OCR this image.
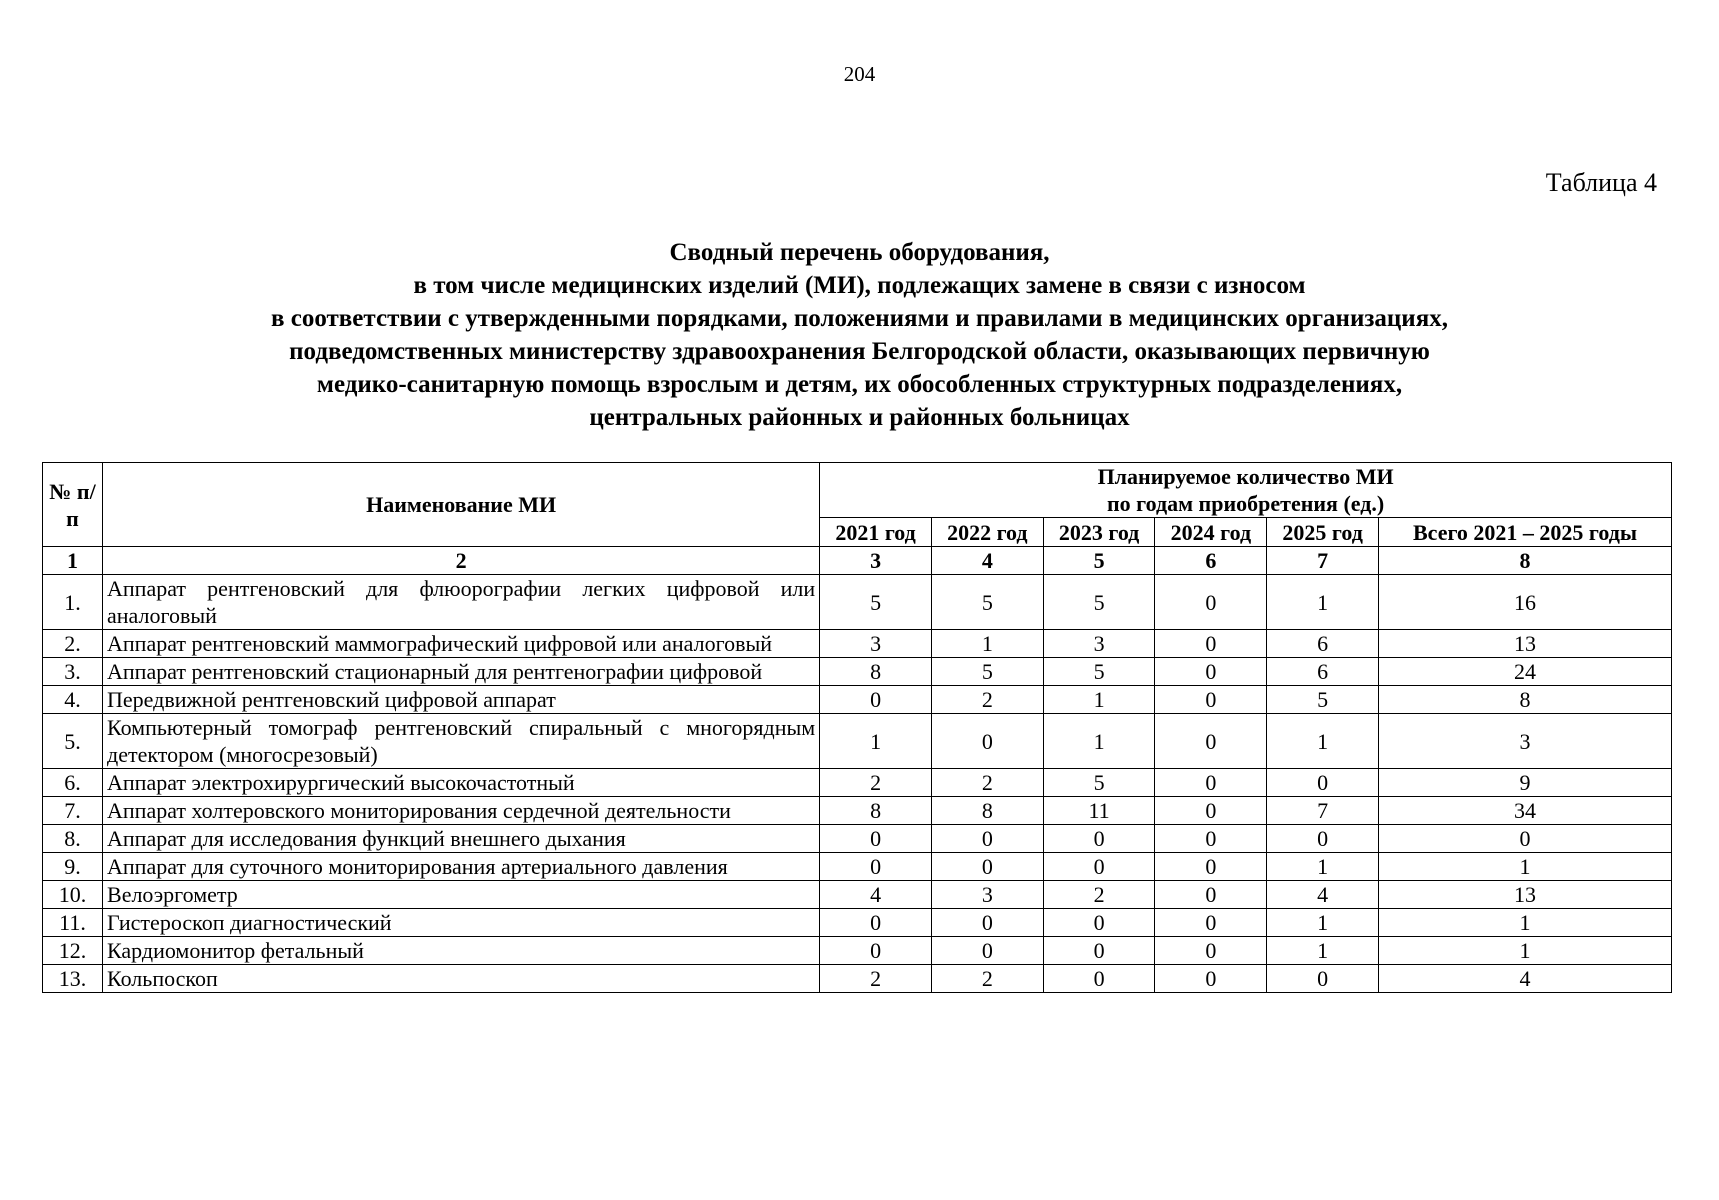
204
Таблица 4
Сводный перечень оборудования,
в том числе медицинских изделий (МИ), подлежащих замене в связи с износом
в соответствии с утвержденными порядками, положениями и правилами в медицинских организациях,
подведомственных министерству здравоохранения Белгородской области, оказывающих первичную
медико-санитарную помощь взрослым и детям, их обособленных структурных подразделениях,
центральных районных и районных больницах
№ п/п	Наименование МИ	Планируемое количество МИ
по годам приобретения (ед.)					

		2021 год	2022 год	2023 год	2024 год	2025 год	Всего 2021 – 2025 годы
1	2	3	4	5	6	7	8
1.	Аппарат рентгеновский для флюорографии легких цифровой или аналоговый	5	5	5	0	1	16
2.	Аппарат рентгеновский маммографический цифровой или аналоговый	3	1	3	0	6	13
3.	Аппарат рентгеновский стационарный для рентгенографии цифровой	8	5	5	0	6	24
4.	Передвижной рентгеновский цифровой аппарат	0	2	1	0	5	8
5.	Компьютерный томограф рентгеновский спиральный с многорядным детектором (многосрезовый)	1	0	1	0	1	3
6.	Аппарат электрохирургический высокочастотный	2	2	5	0	0	9
7.	Аппарат холтеровского мониторирования сердечной деятельности	8	8	11	0	7	34
8.	Аппарат для исследования функций внешнего дыхания	0	0	0	0	0	0
9.	Аппарат для суточного мониторирования артериального давления	0	0	0	0	1	1
10.	Велоэргометр	4	3	2	0	4	13
11.	Гистероскоп диагностический	0	0	0	0	1	1
12.	Кардиомонитор фетальный	0	0	0	0	1	1
13.	Кольпоскоп	2	2	0	0	0	4
